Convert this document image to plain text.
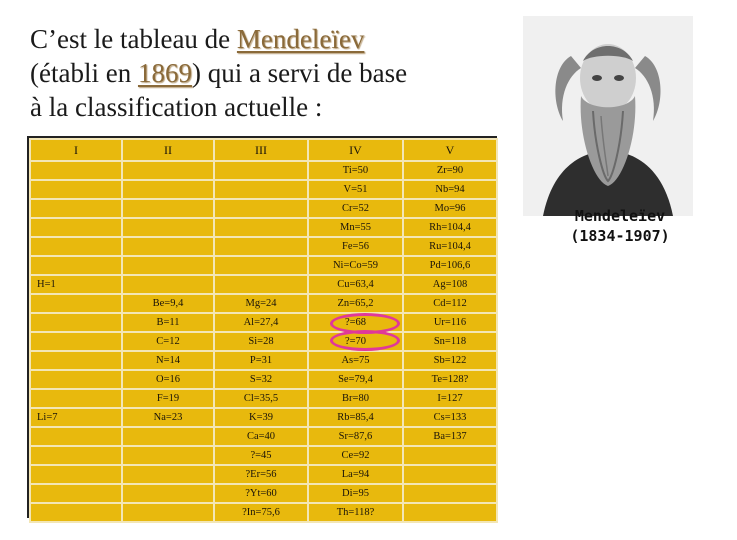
C’est le tableau de Mendeleïev
(établi en 1869) qui a servi de base
à la classification actuelle :
I	II	III	IV	V
			Ti=50	Zr=90
			V=51	Nb=94
			Cr=52	Mo=96
			Mn=55	Rh=104,4
			Fe=56	Ru=104,4
			Ni=Co=59	Pd=106,6
H=1			Cu=63,4	Ag=108
	Be=9,4	Mg=24	Zn=65,2	Cd=112
	B=11	Al=27,4	?=68	Ur=116
	C=12	Si=28	?=70	Sn=118
	N=14	P=31	As=75	Sb=122
	O=16	S=32	Se=79,4	Te=128?
	F=19	Cl=35,5	Br=80	I=127
Li=7	Na=23	K=39	Rb=85,4	Cs=133
		Ca=40	Sr=87,6	Ba=137
		?=45	Ce=92	
		?Er=56	La=94	
		?Yt=60	Di=95	
		?In=75,6	Th=118?	
Mendeleïev
(1834-1907)
